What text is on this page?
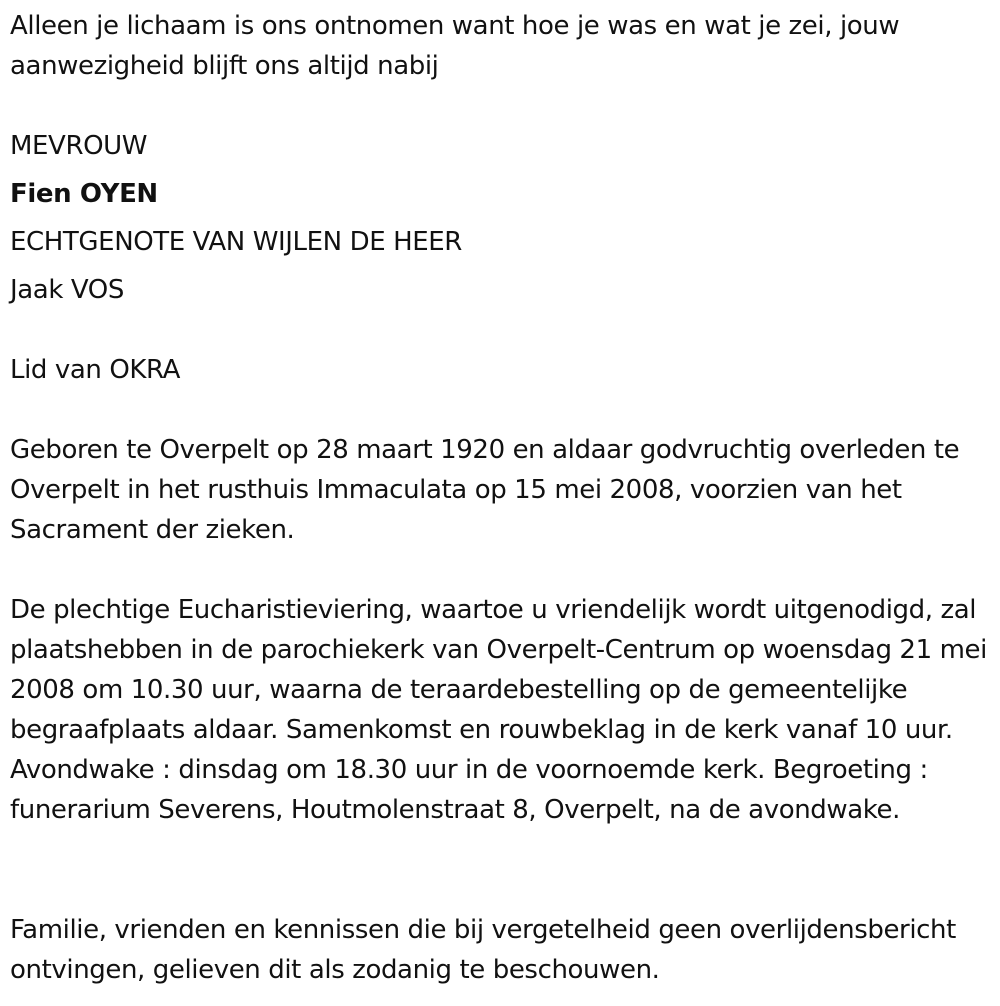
Alleen je lichaam is ons ontnomen want hoe je was en wat je zei, jouw aanwezigheid blijft ons altijd nabij

MEVROUW

Fien OYEN

ECHTGENOTE VAN WIJLEN DE HEER

Jaak VOS

Lid van OKRA

Geboren te Overpelt op 28 maart 1920 en aldaar godvruchtig overleden te Overpelt in het rusthuis Immaculata op 15 mei 2008, voorzien van het Sacrament der zieken.

De plechtige Eucharistieviering, waartoe u vriendelijk wordt uitgenodigd, zal plaatshebben in de parochiekerk van Overpelt-Centrum op woensdag 21 mei 2008 om 10.30 uur, waarna de teraardebestelling op de gemeentelijke begraafplaats aldaar. Samenkomst en rouwbeklag in de kerk vanaf 10 uur. Avondwake : dinsdag om 18.30 uur in de voornoemde kerk. Begroeting : funerarium Severens, Houtmolenstraat 8, Overpelt, na de avondwake.

Familie, vrienden en kennissen die bij vergetelheid geen overlijdensbericht ontvingen, gelieven dit als zodanig te beschouwen.
